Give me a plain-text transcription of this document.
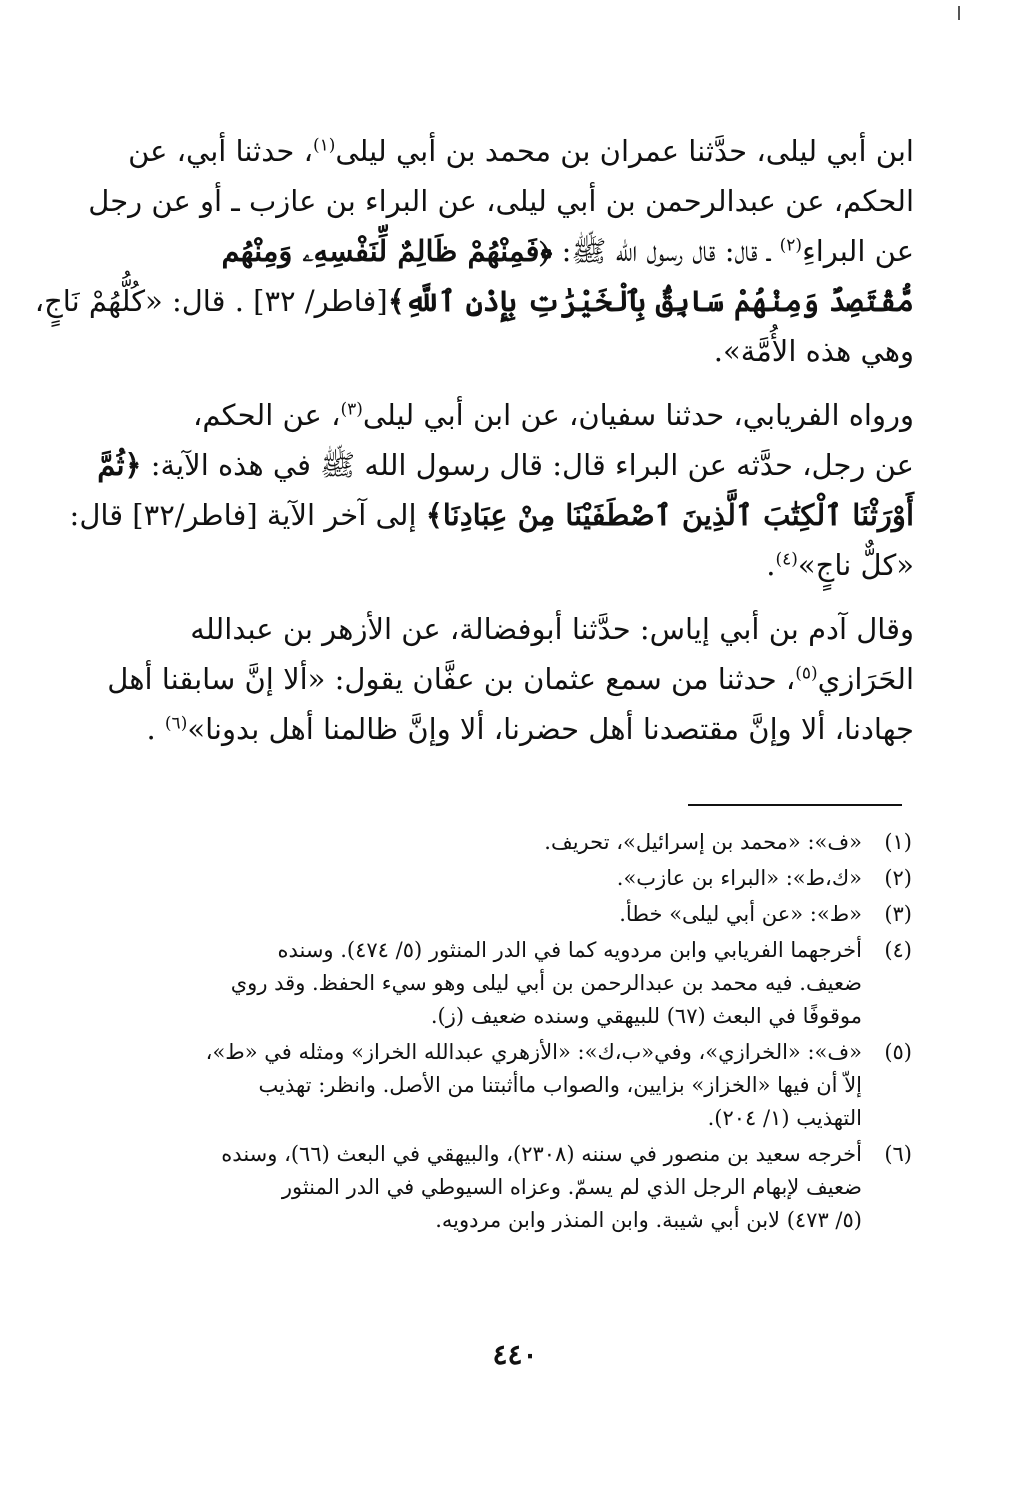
ابن أبي ليلى، حدَّثنا عمران بن محمد بن أبي ليلى$^{(١)}$، حدثنا أبي، عن
الحكم، عن عبدالرحمن بن أبي ليلى، عن البراء بن عازب ـ أو عن رجل
عن البراءِ$^{(٢)}$ ـ قال: قال رسول الله ﷺ: ﴿فَمِنْهُمْ ظَالِمٌ لِّنَفْسِهِۦ وَمِنْهُم
مُّقْتَصِدٌ وَمِنْهُمْ سَابِقٌۢ بِٱلْخَيْرَٰتِ بِإِذْنِ ٱللَّهِ﴾[فاطر/ ٣٢] . قال: «كُلُّهُمْ نَاجٍ،
وهي هذه الأُمَّة».

ورواه الفريابي، حدثنا سفيان، عن ابن أبي ليلى$^{(٣)}$، عن الحكم،
عن رجل، حدَّثه عن البراء قال: قال رسول الله ﷺ في هذه الآية: ﴿ثُمَّ
أَوْرَثْنَا ٱلْكِتَٰبَ ٱلَّذِينَ ٱصْطَفَيْنَا مِنْ عِبَادِنَا﴾ إلى آخر الآية [فاطر/٣٢] قال:
«كلٌّ ناجٍ»$^{(٤)}$.

وقال آدم بن أبي إياس: حدَّثنا أبوفضالة، عن الأزهر بن عبدالله
الحَرَازي$^{(٥)}$، حدثنا من سمع عثمان بن عفَّان يقول: «ألا إنَّ سابقنا أهل
جهادنا، ألا وإنَّ مقتصدنا أهل حضرنا، ألا وإنَّ ظالمنا أهل بدونا»$^{(٦)}$ .

(١)
«ف»: «محمد بن إسرائيل»، تحريف.
(٢)
«ك،ط»: «البراء بن عازب».
(٣)
«ط»: «عن أبي ليلى» خطأ.
(٤)
أخرجهما الفريابي وابن مردويه كما في الدر المنثور (٥/ ٤٧٤). وسنده
ضعيف. فيه محمد بن عبدالرحمن بن أبي ليلى وهو سيء الحفظ. وقد روي
موقوفًا في البعث (٦٧) للبيهقي وسنده ضعيف (ز).
(٥)
«ف»: «الخرازي»، وفي«ب،ك»: «الأزهري عبدالله الخراز» ومثله في «ط»،
إلاّ أن فيها «الخزاز» بزايين، والصواب ماأثبتنا من الأصل. وانظر: تهذيب
التهذيب (١/ ٢٠٤).
(٦)
أخرجه سعيد بن منصور في سننه (٢٣٠٨)، والبيهقي في البعث (٦٦)، وسنده
ضعيف لإبهام الرجل الذي لم يسمّ. وعزاه السيوطي في الدر المنثور
(٥/ ٤٧٣) لابن أبي شيبة. وابن المنذر وابن مردويه.
٤٤٠
